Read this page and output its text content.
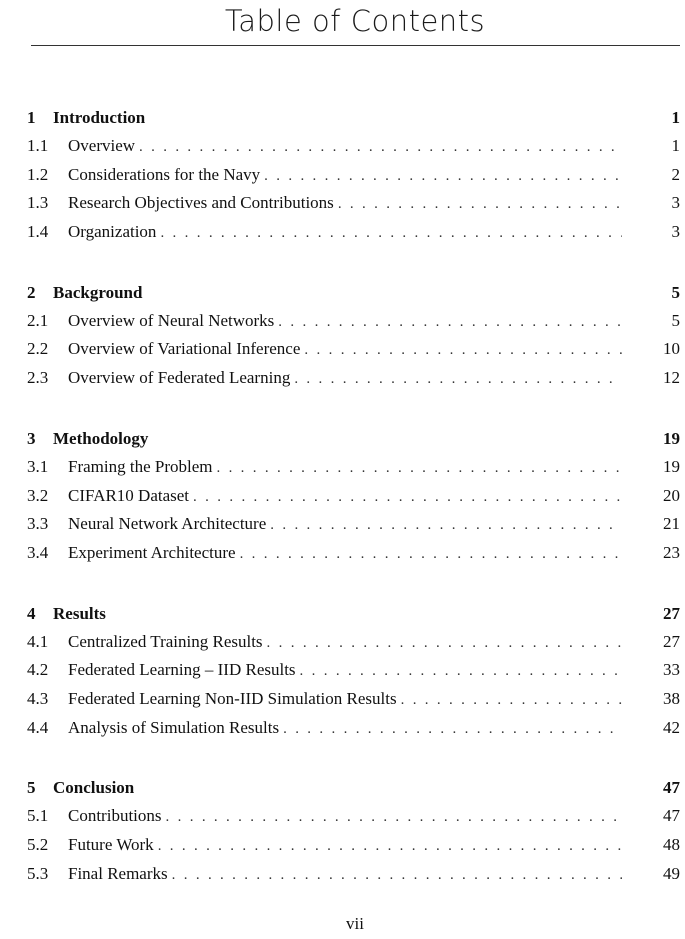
Table of Contents
1	Introduction	1
1.1	Overview . . .	1
1.2	Considerations for the Navy . . .	2
1.3	Research Objectives and Contributions . . .	3
1.4	Organization . . .	3
2	Background	5
2.1	Overview of Neural Networks . . .	5
2.2	Overview of Variational Inference . . .	10
2.3	Overview of Federated Learning . . .	12
3	Methodology	19
3.1	Framing the Problem . . .	19
3.2	CIFAR10 Dataset . . .	20
3.3	Neural Network Architecture . . .	21
3.4	Experiment Architecture . . .	23
4	Results	27
4.1	Centralized Training Results . . .	27
4.2	Federated Learning – IID Results . . .	33
4.3	Federated Learning Non-IID Simulation Results . . .	38
4.4	Analysis of Simulation Results . . .	42
5	Conclusion	47
5.1	Contributions . . .	47
5.2	Future Work . . .	48
5.3	Final Remarks . . .	49
vii
